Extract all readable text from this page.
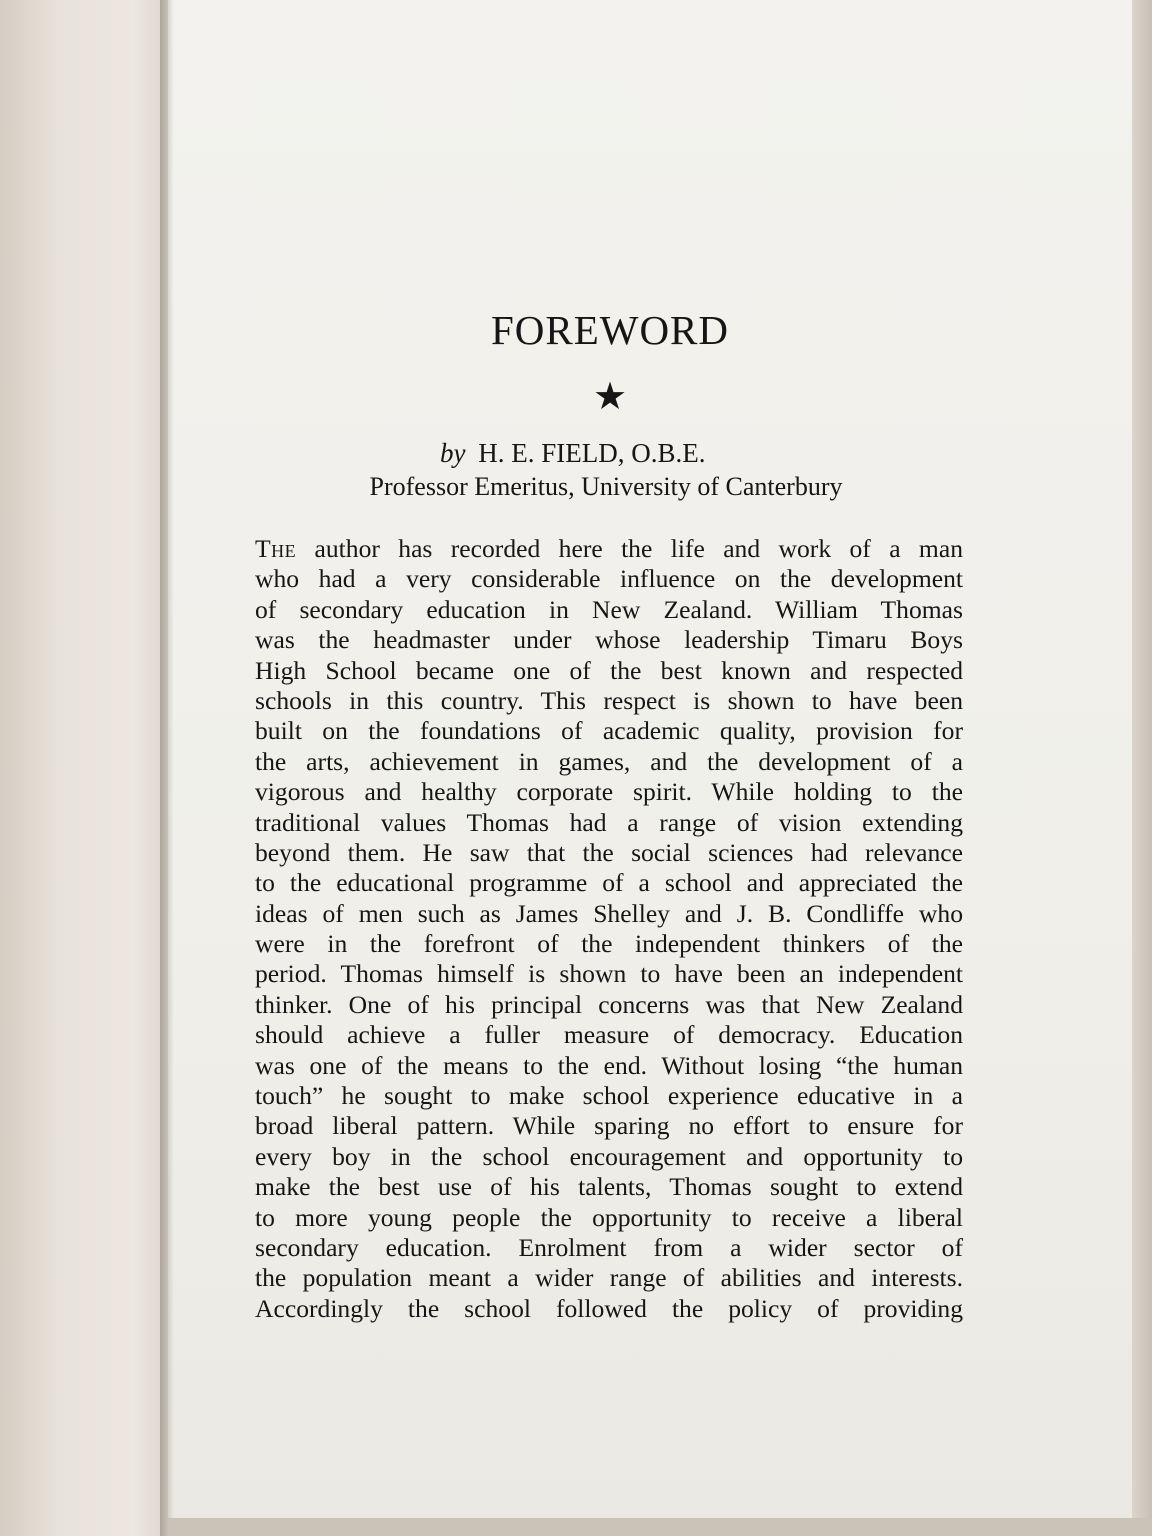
FOREWORD
★
by H. E. FIELD, O.B.E.
Professor Emeritus, University of Canterbury
The author has recorded here the life and work of a man
who had a very considerable influence on the development
of secondary education in New Zealand. William Thomas
was the headmaster under whose leadership Timaru Boys
High School became one of the best known and respected
schools in this country. This respect is shown to have been
built on the foundations of academic quality, provision for
the arts, achievement in games, and the development of a
vigorous and healthy corporate spirit. While holding to the
traditional values Thomas had a range of vision extending
beyond them. He saw that the social sciences had relevance
to the educational programme of a school and appreciated the
ideas of men such as James Shelley and J. B. Condliffe who
were in the forefront of the independent thinkers of the
period. Thomas himself is shown to have been an independent
thinker. One of his principal concerns was that New Zealand
should achieve a fuller measure of democracy. Education
was one of the means to the end. Without losing “the human
touch” he sought to make school experience educative in a
broad liberal pattern. While sparing no effort to ensure for
every boy in the school encouragement and opportunity to
make the best use of his talents, Thomas sought to extend
to more young people the opportunity to receive a liberal
secondary education. Enrolment from a wider sector of
the population meant a wider range of abilities and interests.
Accordingly the school followed the policy of providing
